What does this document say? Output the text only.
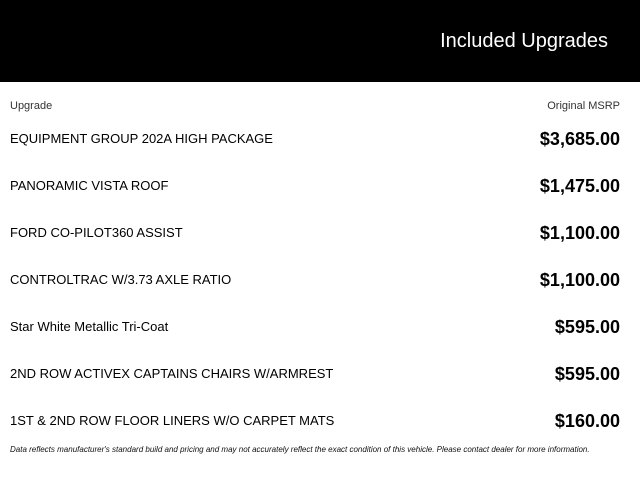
Included Upgrades
Upgrade	Original MSRP
EQUIPMENT GROUP 202A HIGH PACKAGE	$3,685.00
PANORAMIC VISTA ROOF	$1,475.00
FORD CO-PILOT360 ASSIST	$1,100.00
CONTROLTRAC W/3.73 AXLE RATIO	$1,100.00
Star White Metallic Tri-Coat	$595.00
2ND ROW ACTIVEX CAPTAINS CHAIRS W/ARMREST	$595.00
1ST & 2ND ROW FLOOR LINERS W/O CARPET MATS	$160.00
Data reflects manufacturer's standard build and pricing and may not accurately reflect the exact condition of this vehicle. Please contact dealer for more information.
